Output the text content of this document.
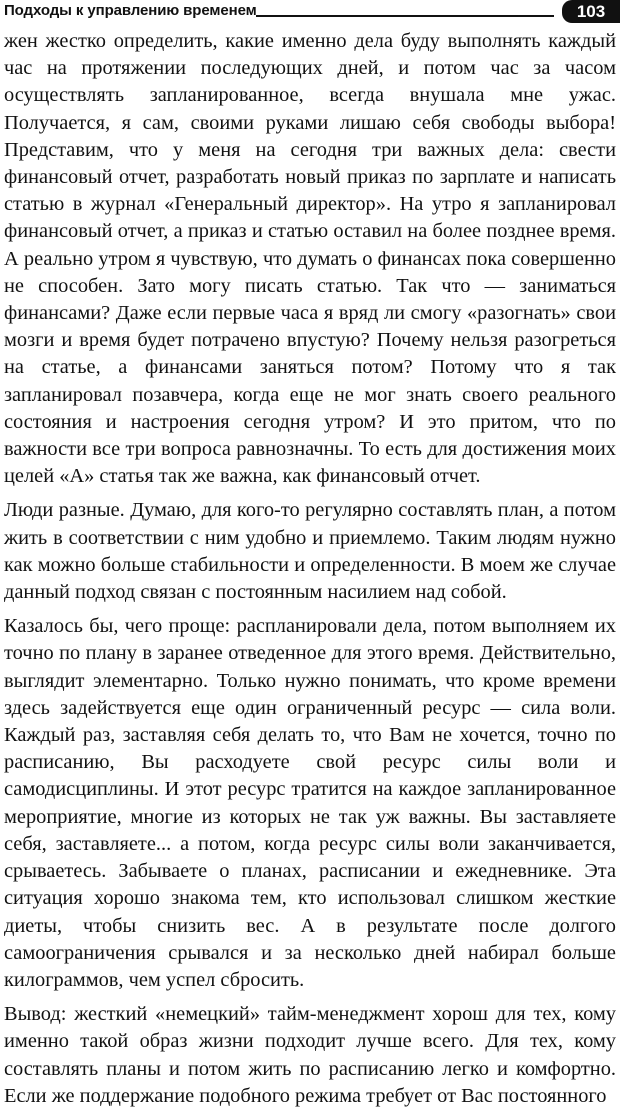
Подходы к управлению временем	103

жен жестко определить, какие именно дела буду выполнять каждый час на протяжении последующих дней, и потом час за часом осуществлять запланированное, всегда внушала мне ужас. Получается, я сам, своими руками лишаю себя свободы выбора! Представим, что у меня на сегодня три важных дела: свести финансовый отчет, разработать новый приказ по зарплате и написать статью в журнал «Генеральный директор». На утро я запланировал финансовый отчет, а приказ и статью оставил на более позднее время. А реально утром я чувствую, что думать о финансах пока совершенно не способен. Зато могу писать статью. Так что — заниматься финансами? Даже если первые часа я вряд ли смогу «разогнать» свои мозги и время будет потрачено впустую? Почему нельзя разогреться на статье, а финансами заняться потом? Потому что я так запланировал позавчера, когда еще не мог знать своего реального состояния и настроения сегодня утром? И это притом, что по важности все три вопроса равнозначны. То есть для достижения моих целей «А» статья так же важна, как финансовый отчет.

Люди разные. Думаю, для кого-то регулярно составлять план, а потом жить в соответствии с ним удобно и приемлемо. Таким людям нужно как можно больше стабильности и определенности. В моем же случае данный подход связан с постоянным насилием над собой.

Казалось бы, чего проще: распланировали дела, потом выполняем их точно по плану в заранее отведенное для этого время. Действительно, выглядит элементарно. Только нужно понимать, что кроме времени здесь задействуется еще один ограниченный ресурс — сила воли. Каждый раз, заставляя себя делать то, что Вам не хочется, точно по расписанию, Вы расходуете свой ресурс силы воли и самодисциплины. И этот ресурс тратится на каждое запланированное мероприятие, многие из которых не так уж важны. Вы заставляете себя, заставляете... а потом, когда ресурс силы воли заканчивается, срываетесь. Забываете о планах, расписании и ежедневнике. Эта ситуация хорошо знакома тем, кто использовал слишком жесткие диеты, чтобы снизить вес. А в результате после долгого самоограничения срывался и за несколько дней набирал больше килограммов, чем успел сбросить.

Вывод: жесткий «немецкий» тайм-менеджмент хорош для тех, кому именно такой образ жизни подходит лучше всего. Для тех, кому составлять планы и потом жить по расписанию легко и комфортно. Если же поддержание подобного режима требует от Вас постоянного
